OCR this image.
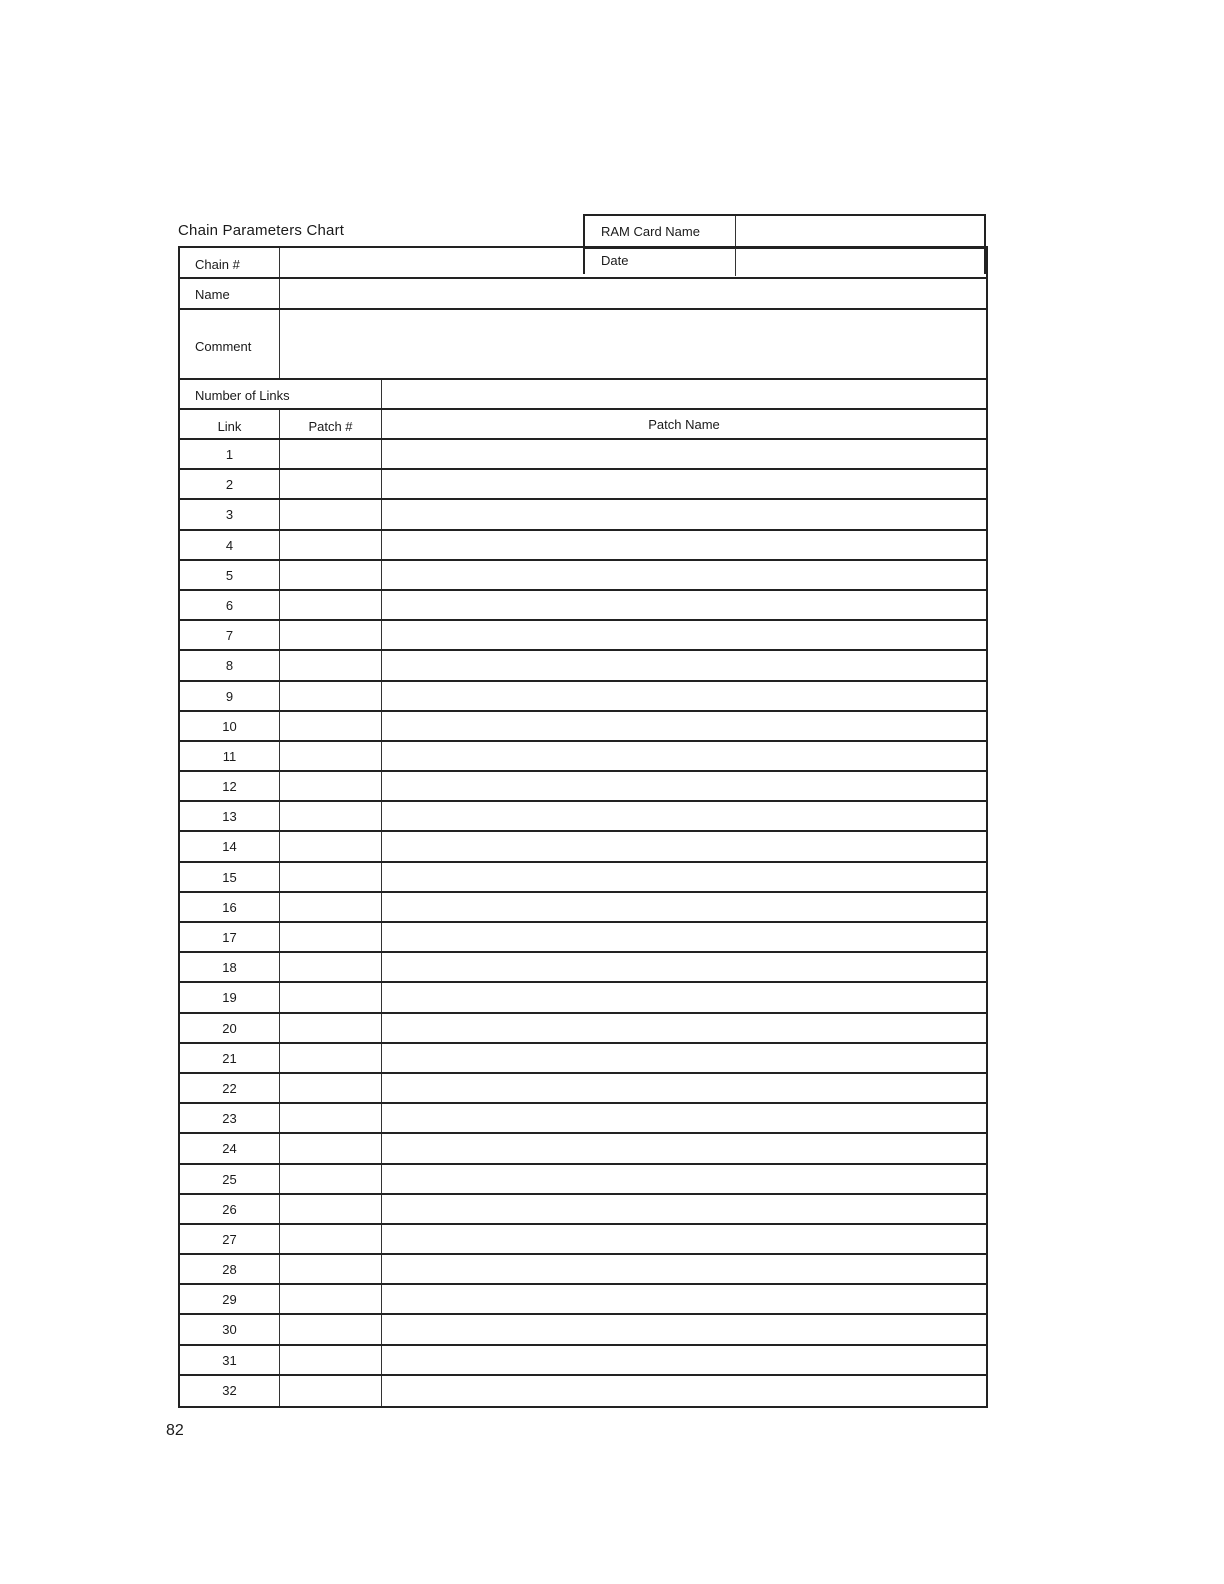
Chain Parameters Chart	RAM Card Name
Date
Chain #
Name
Comment
Number of Links
Link	Patch #	Patch Name
1
2
3
4
5
6
7
8
9
10
11
12
13
14
15
16
17
18
19
20
21
22
23
24
25
26
27
28
29
30
31
32
82
